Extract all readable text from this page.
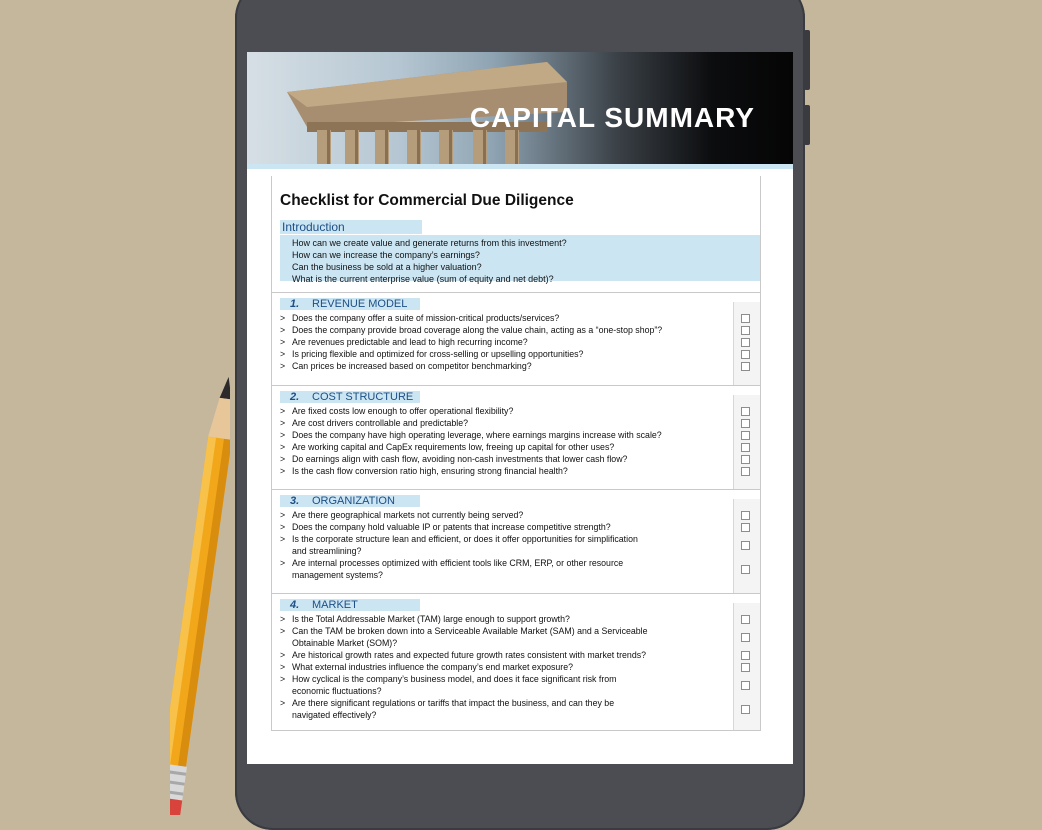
CAPITAL SUMMARY
Checklist for Commercial Due Diligence
Introduction
How can we create value and generate returns from this investment?
How can we increase the company’s earnings?
Can the business be sold at a higher valuation?
What is the current enterprise value (sum of equity and net debt)?
1. REVENUE MODEL
> Does the company offer a suite of mission-critical products/services?
> Does the company provide broad coverage along the value chain, acting as a “one-stop shop”?
> Are revenues predictable and lead to high recurring income?
> Is pricing flexible and optimized for cross-selling or upselling opportunities?
> Can prices be increased based on competitor benchmarking?
2. COST STRUCTURE
> Are fixed costs low enough to offer operational flexibility?
> Are cost drivers controllable and predictable?
> Does the company have high operating leverage, where earnings margins increase with scale?
> Are working capital and CapEx requirements low, freeing up capital for other uses?
> Do earnings align with cash flow, avoiding non-cash investments that lower cash flow?
> Is the cash flow conversion ratio high, ensuring strong financial health?
3. ORGANIZATION
> Are there geographical markets not currently being served?
> Does the company hold valuable IP or patents that increase competitive strength?
> Is the corporate structure lean and efficient, or does it offer opportunities for simplification
and streamlining?
> Are internal processes optimized with efficient tools like CRM, ERP, or other resource
management systems?
4. MARKET
> Is the Total Addressable Market (TAM) large enough to support growth?
> Can the TAM be broken down into a Serviceable Available Market (SAM) and a Serviceable
Obtainable Market (SOM)?
> Are historical growth rates and expected future growth rates consistent with market trends?
> What external industries influence the company’s end market exposure?
> How cyclical is the company’s business model, and does it face significant risk from
economic fluctuations?
> Are there significant regulations or tariffs that impact the business, and can they be
navigated effectively?
